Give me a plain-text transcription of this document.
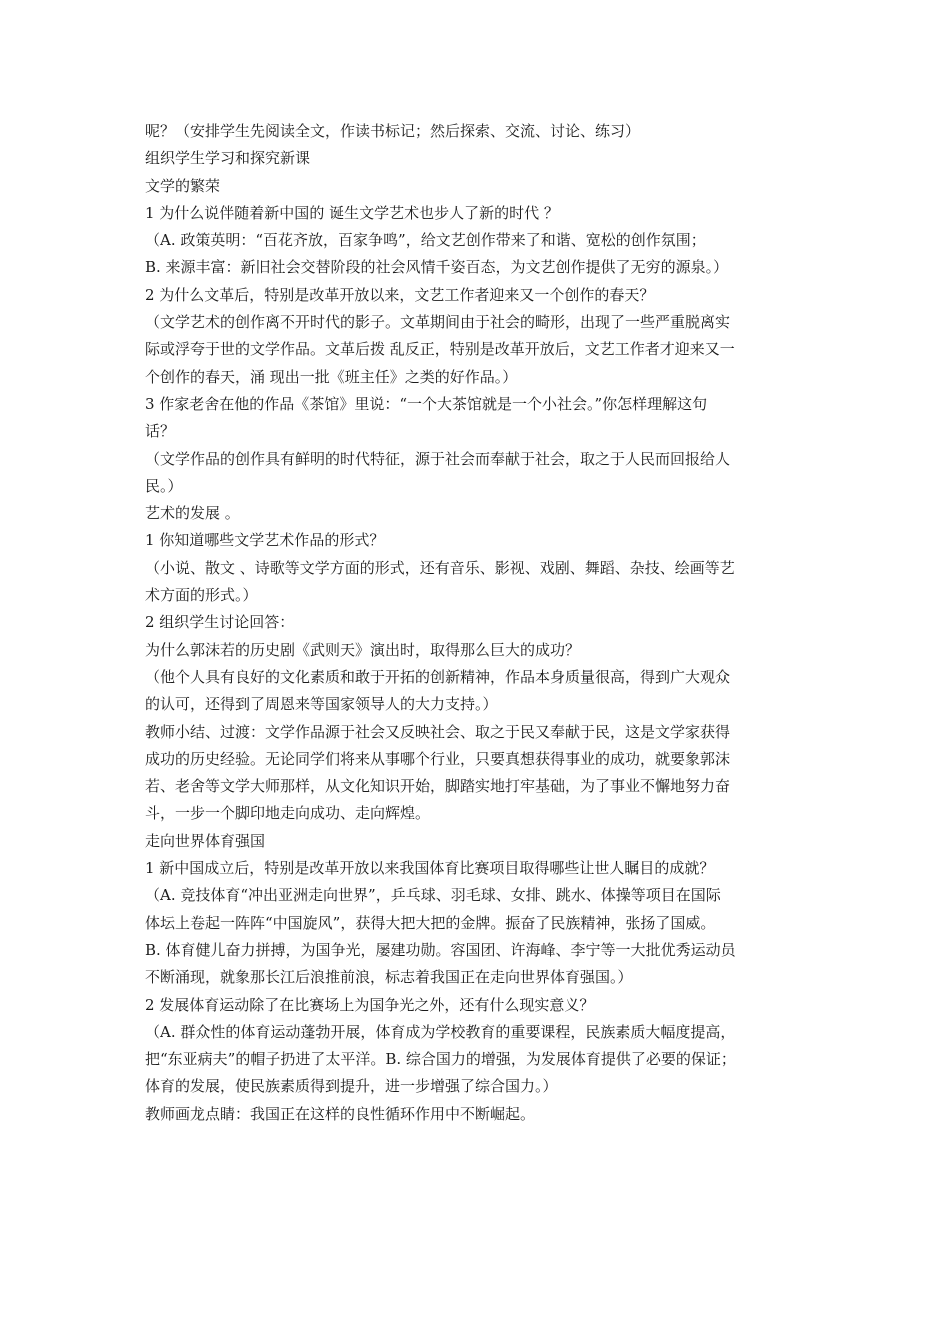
呢？（安排学生先阅读全文，作读书标记；然后探索、交流、讨论、练习）

组织学生学习和探究新课

文学的繁荣

1 为什么说伴随着新中国的 诞生文学艺术也步人了新的时代 ？

（A. 政策英明：“百花齐放，百家争鸣”，给文艺创作带来了和谐、宽松的创作氛围；

B. 来源丰富：新旧社会交替阶段的社会风情千姿百态，为文艺创作提供了无穷的源泉。）

2 为什么文革后，特别是改革开放以来，文艺工作者迎来又一个创作的春天？

（文学艺术的创作离不开时代的影子。文革期间由于社会的畸形，出现了一些严重脱离实

际或浮夸于世的文学作品。文革后拨 乱反正，特别是改革开放后，文艺工作者才迎来又一

个创作的春天，涌 现出一批《班主任》之类的好作品。）

3 作家老舍在他的作品《茶馆》里说：“一个大茶馆就是一个小社会。”你怎样理解这句

话？

（文学作品的创作具有鲜明的时代特征，源于社会而奉献于社会，取之于人民而回报给人

民。）

艺术的发展 。

1 你知道哪些文学艺术作品的形式？

（小说、散文 、诗歌等文学方面的形式，还有音乐、影视、戏剧、舞蹈、杂技、绘画等艺

术方面的形式。）

2 组织学生讨论回答：

为什么郭沫若的历史剧《武则天》演出时，取得那么巨大的成功？

（他个人具有良好的文化素质和敢于开拓的创新精神，作品本身质量很高，得到广大观众

的认可，还得到了周恩来等国家领导人的大力支持。）

教师小结、过渡：文学作品源于社会又反映社会、取之于民又奉献于民，这是文学家获得

成功的历史经验。无论同学们将来从事哪个行业，只要真想获得事业的成功，就要象郭沫

若、老舍等文学大师那样，从文化知识开始，脚踏实地打牢基础，为了事业不懈地努力奋

斗，一步一个脚印地走向成功、走向辉煌。

走向世界体育强国

1 新中国成立后，特别是改革开放以来我国体育比赛项目取得哪些让世人瞩目的成就？

（A. 竞技体育“冲出亚洲走向世界”，乒乓球、羽毛球、女排、跳水、体操等项目在国际

体坛上卷起一阵阵“中国旋风”，获得大把大把的金牌。振奋了民族精神，张扬了国威。

B. 体育健儿奋力拼搏，为国争光，屡建功勋。容国团、许海峰、李宁等一大批优秀运动员

不断涌现，就象那长江后浪推前浪，标志着我国正在走向世界体育强国。）

2 发展体育运动除了在比赛场上为国争光之外，还有什么现实意义？

（A. 群众性的体育运动蓬勃开展，体育成为学校教育的重要课程，民族素质大幅度提高，

把“东亚病夫”的帽子扔进了太平洋。B. 综合国力的增强，为发展体育提供了必要的保证；

体育的发展，使民族素质得到提升，进一步增强了综合国力。）

教师画龙点睛：我国正在这样的良性循环作用中不断崛起。
